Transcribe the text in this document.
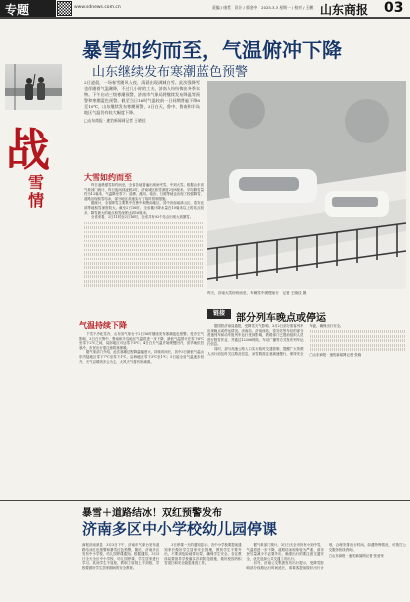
专题	www.sdnews.com.cn	责编 / 康哲　设计 / 郭金中　2025.3.3 星期一 / 校对 / 王鹏 山东商报 03
暴雪如约而至，气温俯冲下降
山东继续发布寒潮蓝色预警
战
雪情

2日凌晨，一场春雪随风入夜，清晨出现满城白雪。此次强降雪也伴随着气温骤降，不过几小时的工夫，济南人纷纷掏出冬季衣物。下午启动三级寒潮预警，济南市气象局将继续发布降温等预警和寒潮蓝色预警。截至当日16时气温较前一日同期普遍下降8至10℃，山东继续发布寒潮预警，3日白天，鲁中、鲁南和半岛地区气温仍有较大幅度下降。

□山东商报 · 速豹新闻网记者 王晓佳
昨天，济南大雪纷纷而至，车辆雪中缓慢前行　记者 王晓佳 摄
大雪如约而至

昨日凌晨强雪如约而至，全省各地普遍出现雨夹雪、中到大雪。根据山东省气象部门统计，昨日夜间到凌晨2时，济南城区积雪深度2至8厘米，平均降雪量约为12毫米，气温降至零下；淄博、潍坊、临沂、日照等地也出现了较强降雪，道路出现积雪结冰，部分地区高速实行了临时管制措施。

据统计，全省降雪主要集中在鲁中和鲁南地区，其中济南南部山区、泰安北部等地积雪深度较大。截至2日16时，全省累计降水量在10毫米以上的站点较多，降雪最大的地点积雪深度达到16厘米。

全省来看，2日11时至2日16时，全省共有92个站点出现大到暴雪。

气温持续下降

下雪不冷化雪冷，山东省气象台于2日16时继续发布寒潮蓝色预警。受冷空气影响，3日白天鲁中、鲁南和半岛地区气温将进一步下降，最低气温预计在零下6℃至零下2℃之间，局部地区可达零下8℃；4日白天气温开始缓慢回升，但早晚依旧寒冷，市民出行需注意防寒保暖。

据气象部门介绍，此次寒潮过程降温幅度大、持续时间长，其中3日最低气温山东内陆地区零下7℃至零下1℃，沿海地区零下3℃至1℃；5日起全省气温逐步回升，天气以晴到多云为主，大风天气将有所减弱。

链接	部分列车晚点或停运

据国铁济南局通报，受降雪天气影响，3月2日部分旅客列车出现晚点或停运情况。济南站、济南西站、泰安站等车站的部分普速列车和动车组列车运行受到影响，铁路部门已提前组织人员进行除雪作业，并通过12306网站、车站广播等方式发布列车运行信息。

同时，部分高速公路入口实行临时交通管制，提醒广大驾驶人出行前及时关注路况信息，冰雪路面注意减速慢行，保持安全车距，确保出行安全。

□山东商报 · 速豹新闻网记者 张晓
暴雪＋道路结冰！双红预警发布
济南多区中小学校幼儿园停课

商报济南消息　3月3日下午，济南市气象台发布道路结冰红色预警和暴雪红色预警，随后，济南多区发布中小学校、幼儿园停课通知。根据通知，3月3日全天全区中小学校、幼儿园停课，学生居家进行学习，其间学生不返校，教职工原则上不到校，学校要做好学生居家期间的安全教育。

3日停课一天的通知显示，各中小学校要提前通知家长做好学生居家安全管理，教育学生不要外出，不要到危险地带玩耍，确保学生安全。各区教体局要指导学校落实各项防范措施，做好校园内积雪清扫和安全隐患排查工作。

据气象部门预计，3日白天全市仍有小到中雪，气温将进一步下降，道路结冰现象较为严重，请市民尽量减少不必要外出，确需出行的要注意交通安全，优先选择公共交通工具出行。

另外，济南公交集团发布出行提示，受降雪影响部分线路运行时间延长，请乘客提前做好出行计划，合理安排出行时间。如遇特殊情况，可拨打公交服务热线咨询。

□山东商报 · 速豹新闻网记者 张爱荣
